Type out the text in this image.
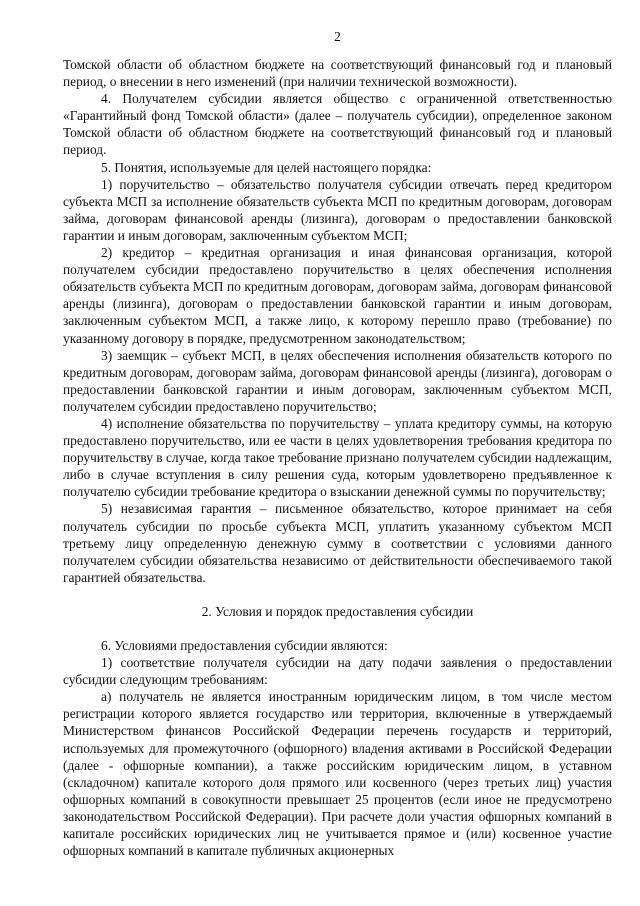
2

Томской области об областном бюджете на соответствующий финансовый год и плановый период, о внесении в него изменений (при наличии технической возможности).

4. Получателем субсидии является общество с ограниченной ответственностью «Гарантийный фонд Томской области» (далее – получатель субсидии), определенное законом Томской области об областном бюджете на соответствующий финансовый год и плановый период.

5. Понятия, используемые для целей настоящего порядка:

1) поручительство – обязательство получателя субсидии отвечать перед кредитором субъекта МСП за исполнение обязательств субъекта МСП по кредитным договорам, договорам займа, договорам финансовой аренды (лизинга), договорам о предоставлении банковской гарантии и иным договорам, заключенным субъектом МСП;

2) кредитор – кредитная организация и иная финансовая организация, которой получателем субсидии предоставлено поручительство в целях обеспечения исполнения обязательств субъекта МСП по кредитным договорам, договорам займа, договорам финансовой аренды (лизинга), договорам о предоставлении банковской гарантии и иным договорам, заключенным субъектом МСП, а также лицо, к которому перешло право (требование) по указанному договору в порядке, предусмотренном законодательством;

3) заемщик – субъект МСП, в целях обеспечения исполнения обязательств которого по кредитным договорам, договорам займа, договорам финансовой аренды (лизинга), договорам о предоставлении банковской гарантии и иным договорам, заключенным субъектом МСП, получателем субсидии предоставлено поручительство;

4) исполнение обязательства по поручительству – уплата кредитору суммы, на которую предоставлено поручительство, или ее части в целях удовлетворения требования кредитора по поручительству в случае, когда такое требование признано получателем субсидии надлежащим, либо в случае вступления в силу решения суда, которым удовлетворено предъявленное к получателю субсидии требование кредитора о взыскании денежной суммы по поручительству;

5) независимая гарантия – письменное обязательство, которое принимает на себя получатель субсидии по просьбе субъекта МСП, уплатить указанному субъектом МСП третьему лицу определенную денежную сумму в соответствии с условиями данного получателем субсидии обязательства независимо от действительности обеспечиваемого такой гарантией обязательства.

2. Условия и порядок предоставления субсидии

6. Условиями предоставления субсидии являются:

1) соответствие получателя субсидии на дату подачи заявления о предоставлении субсидии следующим требованиям:

а) получатель не является иностранным юридическим лицом, в том числе местом регистрации которого является государство или территория, включенные в утверждаемый Министерством финансов Российской Федерации перечень государств и территорий, используемых для промежуточного (офшорного) владения активами в Российской Федерации (далее - офшорные компании), а также российским юридическим лицом, в уставном (складочном) капитале которого доля прямого или косвенного (через третьих лиц) участия офшорных компаний в совокупности превышает 25 процентов (если иное не предусмотрено законодательством Российской Федерации). При расчете доли участия офшорных компаний в капитале российских юридических лиц не учитывается прямое и (или) косвенное участие офшорных компаний в капитале публичных акционерных
